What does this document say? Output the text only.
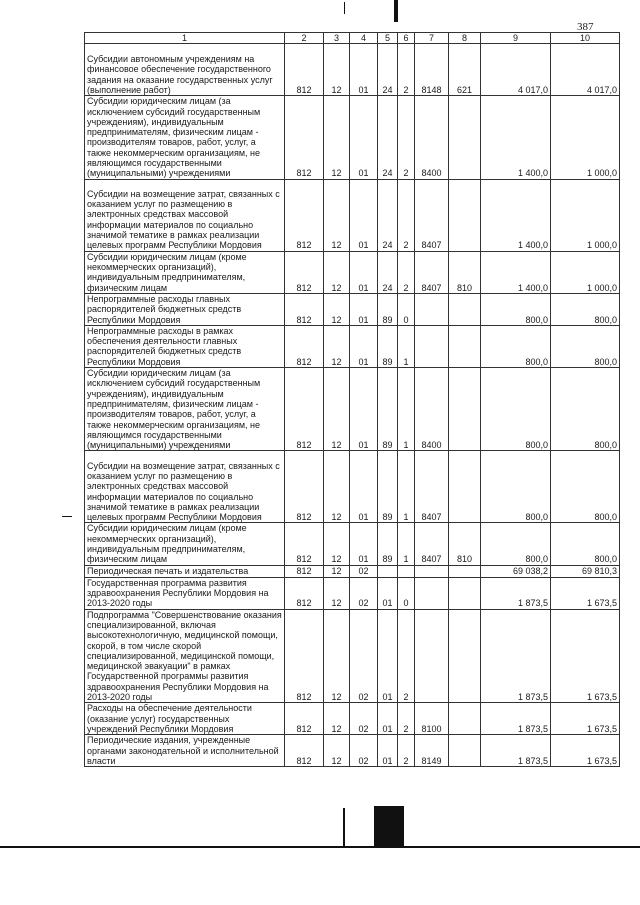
387
1	2	3	4	5	6	7	8	9	10
Субсидии автономным учреждениям на финансовое обеспечение государственного задания на оказание государственных услуг (выполнение работ)	812	12	01	24	2	8148	621	4 017,0	4 017,0
Субсидии юридическим лицам (за исключением субсидий государственным учреждениям), индивидуальным предпринимателям, физическим лицам - производителям товаров, работ, услуг, а также некоммерческим организациям, не являющимся государственными (муниципальными) учреждениями	812	12	01	24	2	8400		1 400,0	1 000,0
Субсидии на возмещение затрат, связанных с оказанием услуг по размещению в электронных средствах массовой информации материалов по социально значимой тематике в рамках реализации целевых программ Республики Мордовия	812	12	01	24	2	8407		1 400,0	1 000,0
Субсидии юридическим лицам (кроме некоммерческих организаций), индивидуальным предпринимателям, физическим лицам	812	12	01	24	2	8407	810	1 400,0	1 000,0
Непрограммные расходы главных распорядителей бюджетных средств Республики Мордовия	812	12	01	89	0			800,0	800,0
Непрограммные расходы в рамках обеспечения деятельности главных распорядителей бюджетных средств Республики Мордовия	812	12	01	89	1			800,0	800,0
Субсидии юридическим лицам (за исключением субсидий государственным учреждениям), индивидуальным предпринимателям, физическим лицам - производителям товаров, работ, услуг, а также некоммерческим организациям, не являющимся государственными (муниципальными) учреждениями	812	12	01	89	1	8400		800,0	800,0
Субсидии на возмещение затрат, связанных с оказанием услуг по размещению в электронных средствах массовой информации материалов по социально значимой тематике в рамках реализации целевых программ Республики Мордовия	812	12	01	89	1	8407		800,0	800,0
Субсидии юридическим лицам (кроме некоммерческих организаций), индивидуальным предпринимателям, физическим лицам	812	12	01	89	1	8407	810	800,0	800,0
Периодическая печать и издательства	812	12	02					69 038,2	69 810,3
Государственная программа развития здравоохранения Республики Мордовия на 2013-2020 годы	812	12	02	01	0			1 873,5	1 673,5
Подпрограмма "Совершенствование оказания специализированной, включая высокотехнологичную, медицинской помощи, скорой, в том числе скорой специализированной, медицинской помощи, медицинской эвакуации" в рамках Государственной программы развития здравоохранения Республики Мордовия на 2013-2020 годы	812	12	02	01	2			1 873,5	1 673,5
Расходы на обеспечение деятельности (оказание услуг) государственных учреждений Республики Мордовия	812	12	02	01	2	8100		1 873,5	1 673,5
Периодические издания, учрежденные органами законодательной и исполнительной власти	812	12	02	01	2	8149		1 873,5	1 673,5
